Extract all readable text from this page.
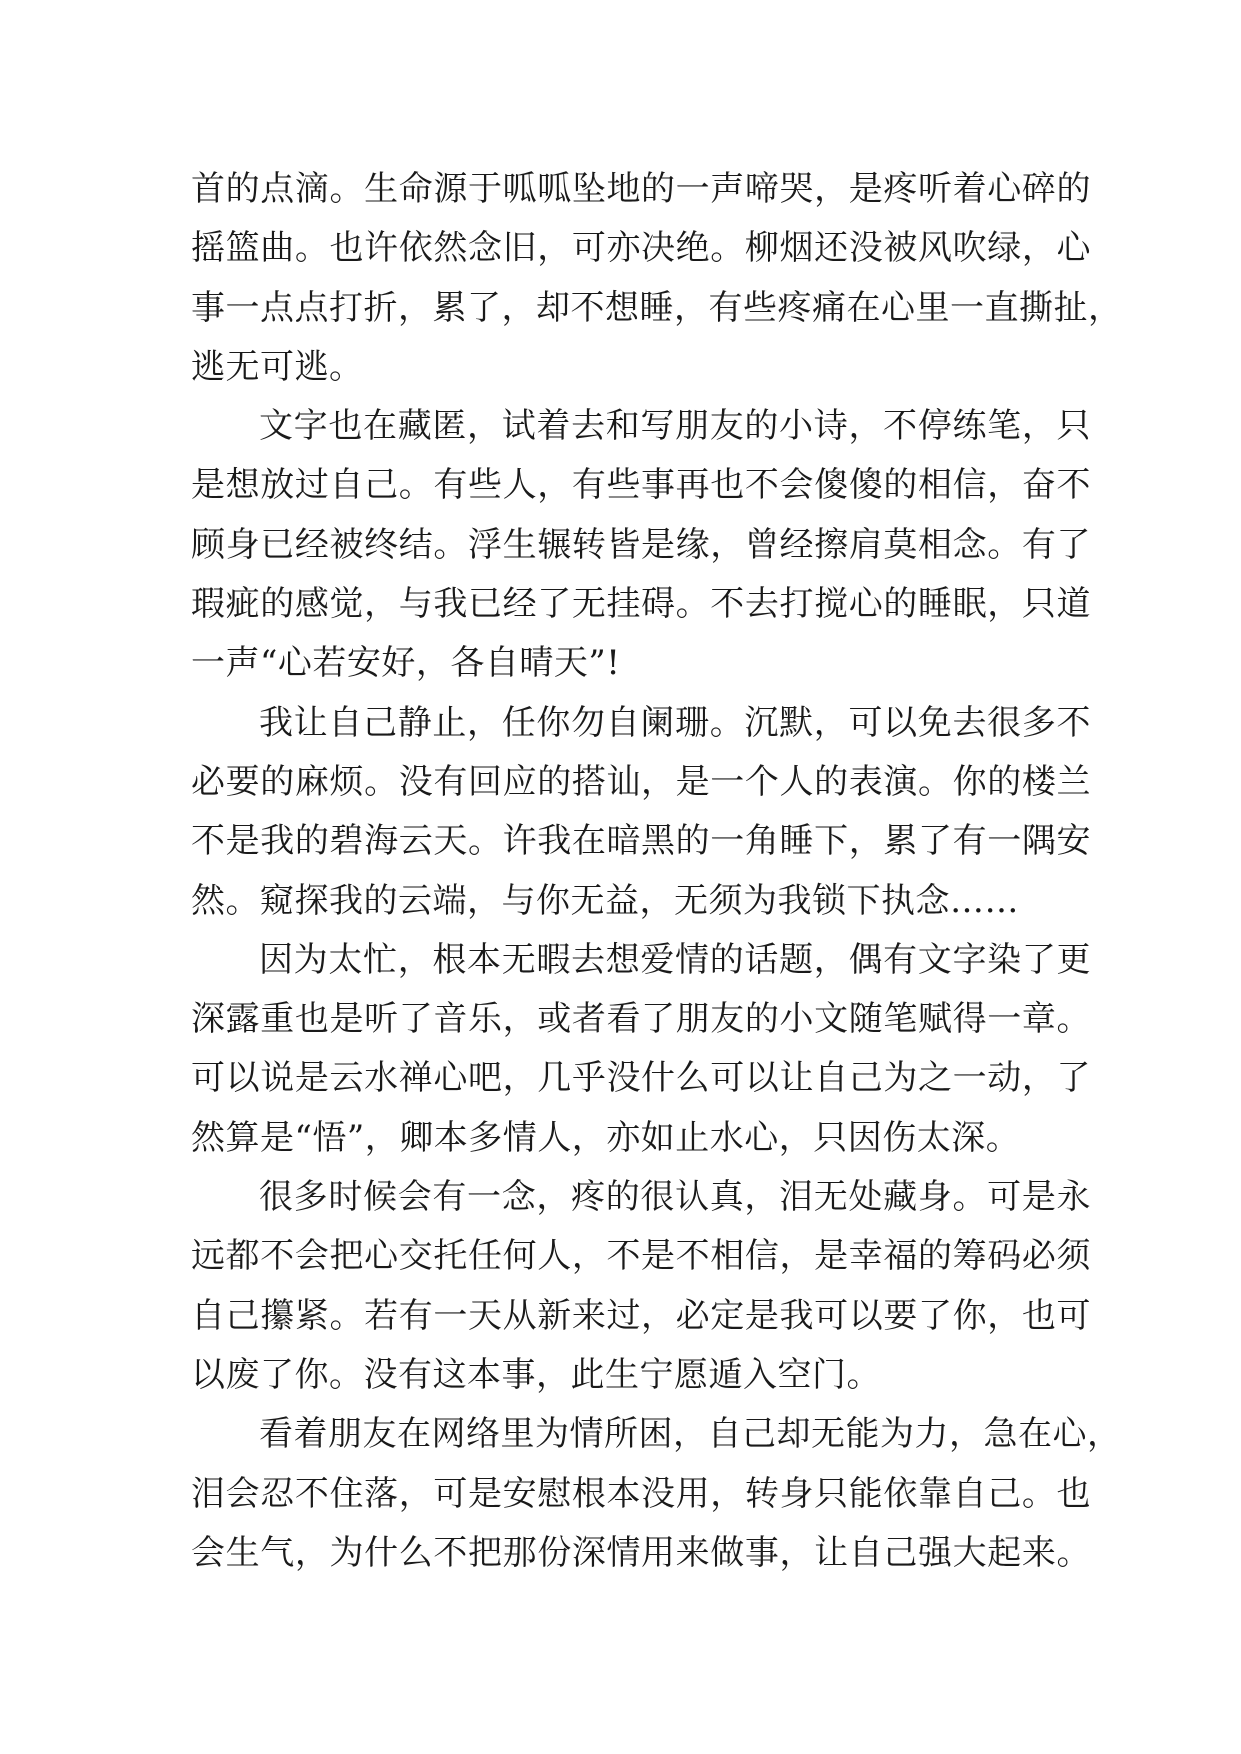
首的点滴。生命源于呱呱坠地的一声啼哭，是疼听着心碎的
摇篮曲。也许依然念旧，可亦决绝。柳烟还没被风吹绿，心
事一点点打折，累了，却不想睡，有些疼痛在心里一直撕扯，
逃无可逃。
文字也在藏匿，试着去和写朋友的小诗，不停练笔，只
是想放过自己。有些人，有些事再也不会傻傻的相信，奋不
顾身已经被终结。浮生辗转皆是缘，曾经擦肩莫相念。有了
瑕疵的感觉，与我已经了无挂碍。不去打搅心的睡眠，只道
一声“心若安好，各自晴天”!
我让自己静止，任你勿自阑珊。沉默，可以免去很多不
必要的麻烦。没有回应的搭讪，是一个人的表演。你的楼兰
不是我的碧海云天。许我在暗黑的一角睡下，累了有一隅安
然。窥探我的云端，与你无益，无须为我锁下执念……
因为太忙，根本无暇去想爱情的话题，偶有文字染了更
深露重也是听了音乐，或者看了朋友的小文随笔赋得一章。
可以说是云水禅心吧，几乎没什么可以让自己为之一动，了
然算是“悟”，卿本多情人，亦如止水心，只因伤太深。
很多时候会有一念，疼的很认真，泪无处藏身。可是永
远都不会把心交托任何人，不是不相信，是幸福的筹码必须
自己攥紧。若有一天从新来过，必定是我可以要了你，也可
以废了你。没有这本事，此生宁愿遁入空门。
看着朋友在网络里为情所困，自己却无能为力，急在心，
泪会忍不住落，可是安慰根本没用，转身只能依靠自己。也
会生气，为什么不把那份深情用来做事，让自己强大起来。
